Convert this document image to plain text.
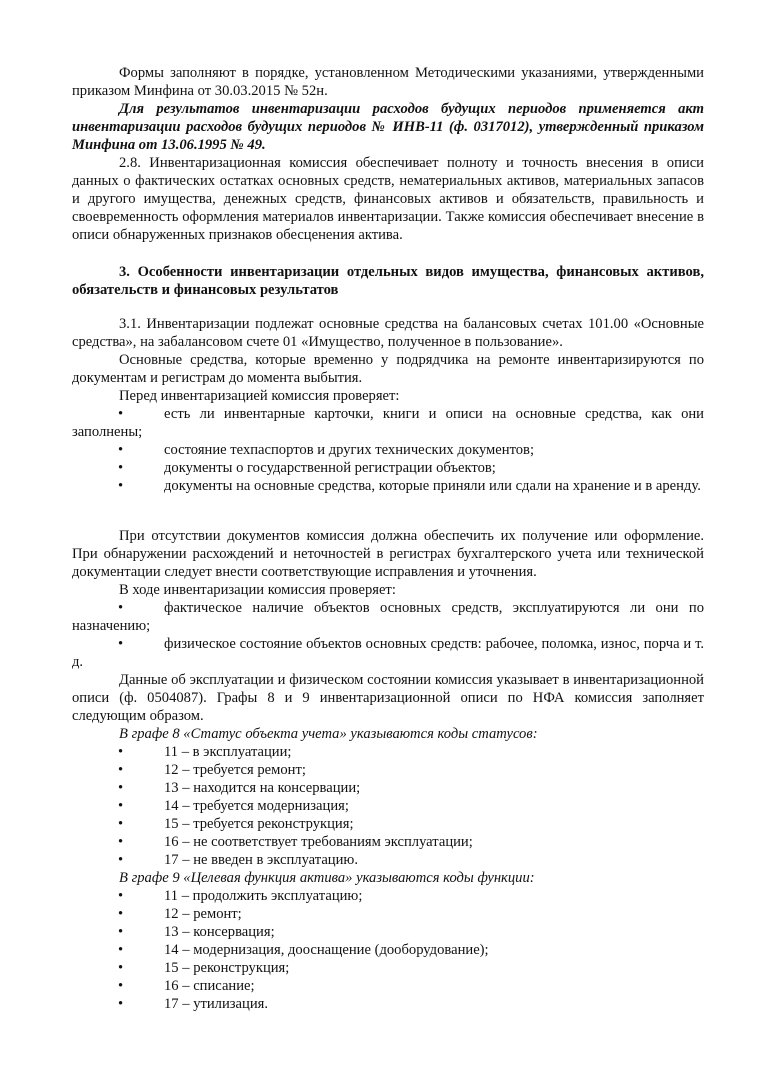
Формы заполняют в порядке, установленном Методическими указаниями, утвержденными приказом Минфина от 30.03.2015 № 52н.

Для результатов инвентаризации расходов будущих периодов применяется акт инвентаризации расходов будущих периодов № ИНВ-11 (ф. 0317012), утвержденный приказом Минфина от 13.06.1995 № 49.

2.8. Инвентаризационная комиссия обеспечивает полноту и точность внесения в описи данных о фактических остатках основных средств, нематериальных активов, материальных запасов и другого имущества, денежных средств, финансовых активов и обязательств, правильность и своевременность оформления материалов инвентаризации. Также комиссия обеспечивает внесение в описи обнаруженных признаков обесценения актива.

3. Особенности инвентаризации отдельных видов имущества, финансовых активов, обязательств и финансовых результатов

3.1. Инвентаризации подлежат основные средства на балансовых счетах 101.00 «Основные средства», на забалансовом счете 01 «Имущество, полученное в пользование».

Основные средства, которые временно у подрядчика на ремонте инвентаризируются по документам и регистрам до момента выбытия.

Перед инвентаризацией комиссия проверяет:

•	есть ли инвентарные карточки, книги и описи на основные средства, как они заполнены;

•	состояние техпаспортов и других технических документов;

•	документы о государственной регистрации объектов;

•	документы на основные средства, которые приняли или сдали на хранение и в аренду.

При отсутствии документов комиссия должна обеспечить их получение или оформление. При обнаружении расхождений и неточностей в регистрах бухгалтерского учета или технической документации следует внести соответствующие исправления и уточнения.

В ходе инвентаризации комиссия проверяет:

•	фактическое наличие объектов основных средств, эксплуатируются ли они по назначению;

•	физическое состояние объектов основных средств: рабочее, поломка, износ, порча и т. д.

Данные об эксплуатации и физическом состоянии комиссия указывает в инвентаризационной описи (ф. 0504087). Графы 8 и 9 инвентаризационной описи по НФА комиссия заполняет следующим образом.

В графе 8 «Статус объекта учета» указываются коды статусов:

•	11 – в эксплуатации;

•	12 – требуется ремонт;

•	13 – находится на консервации;

•	14 – требуется модернизация;

•	15 – требуется реконструкция;

•	16 – не соответствует требованиям эксплуатации;

•	17 – не введен в эксплуатацию.

В графе 9 «Целевая функция актива» указываются коды функции:

•	11 – продолжить эксплуатацию;

•	12 – ремонт;

•	13 – консервация;

•	14 – модернизация, дооснащение (дооборудование);

•	15 – реконструкция;

•	16 – списание;

•	17 – утилизация.
